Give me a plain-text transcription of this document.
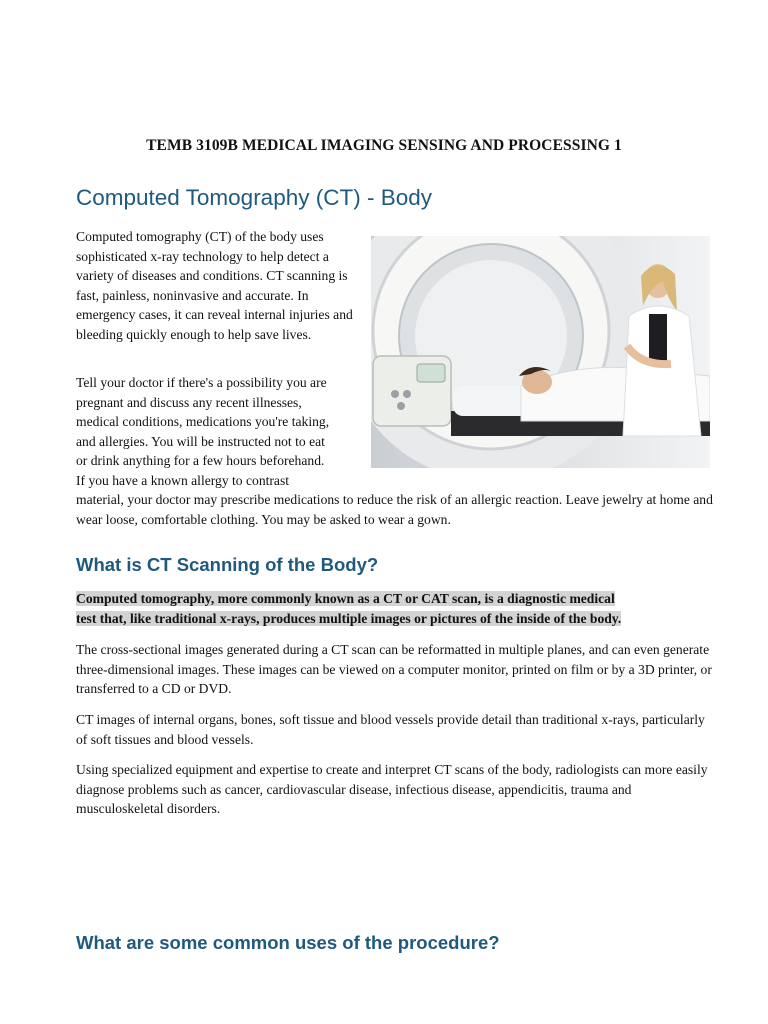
TEMB 3109B MEDICAL IMAGING SENSING AND PROCESSING 1
Computed Tomography (CT) - Body
Computed tomography (CT) of the body uses sophisticated x-ray technology to help detect a variety of diseases and conditions. CT scanning is fast, painless, noninvasive and accurate. In emergency cases, it can reveal internal injuries and bleeding quickly enough to help save lives.
Tell your doctor if there's a possibility you are
pregnant and discuss any recent illnesses,
medical conditions, medications you're taking,
and allergies. You will be instructed not to eat
or drink anything for a few hours beforehand.
If you have a known allergy to contrast
material, your doctor may prescribe medications to reduce the risk of an allergic reaction. Leave jewelry at home and wear loose, comfortable clothing. You may be asked to wear a gown.
What is CT Scanning of the Body?
Computed tomography, more commonly known as a CT or CAT scan, is a diagnostic medical
test that, like traditional x-rays, produces multiple images or pictures of the inside of the body.
The cross-sectional images generated during a CT scan can be reformatted in multiple planes, and can even generate three-dimensional images. These images can be viewed on a computer monitor, printed on film or by a 3D printer, or transferred to a CD or DVD.
CT images of internal organs, bones, soft tissue and blood vessels provide detail than traditional x-rays, particularly of soft tissues and blood vessels.
Using specialized equipment and expertise to create and interpret CT scans of the body, radiologists can more easily diagnose problems such as cancer, cardiovascular disease, infectious disease, appendicitis, trauma and musculoskeletal disorders.
What are some common uses of the procedure?
